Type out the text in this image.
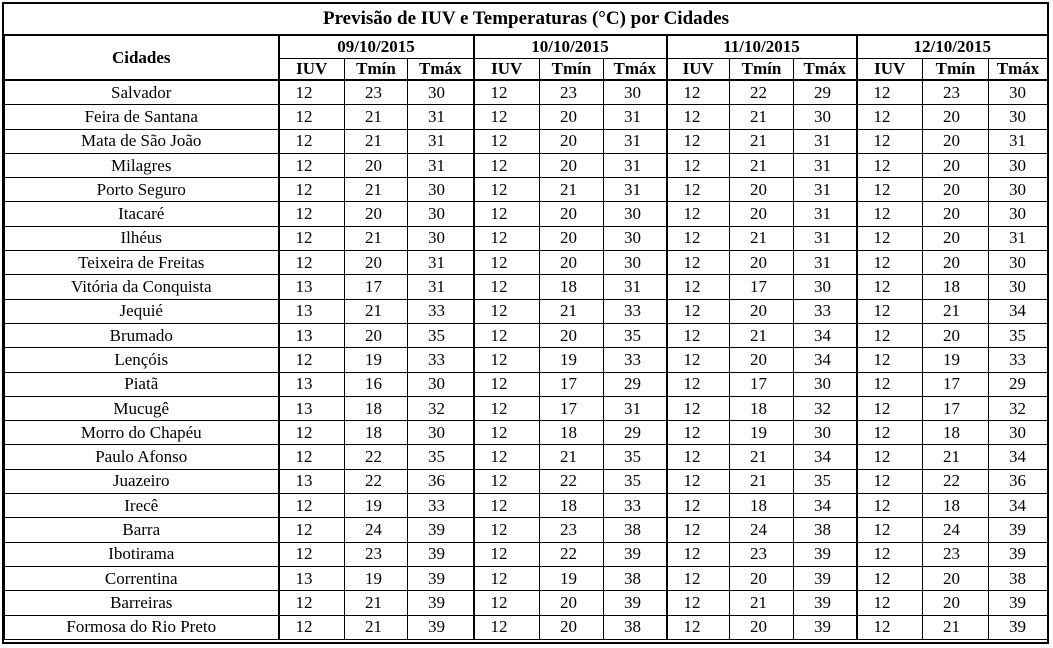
Previsão de IUV e Temperaturas (°C) por Cidades												
Cidades	09/10/2015			10/10/2015			11/10/2015			12/10/2015		
	IUV	Tmín	Tmáx	IUV	Tmín	Tmáx	IUV	Tmín	Tmáx	IUV	Tmín	Tmáx
Salvador	12	23	30	12	23	30	12	22	29	12	23	30
Feira de Santana	12	21	31	12	20	31	12	21	30	12	20	30
Mata de São João	12	21	31	12	20	31	12	21	31	12	20	31
Milagres	12	20	31	12	20	31	12	21	31	12	20	30
Porto Seguro	12	21	30	12	21	31	12	20	31	12	20	30
Itacaré	12	20	30	12	20	30	12	20	31	12	20	30
Ilhéus	12	21	30	12	20	30	12	21	31	12	20	31
Teixeira de Freitas	12	20	31	12	20	30	12	20	31	12	20	30
Vitória da Conquista	13	17	31	12	18	31	12	17	30	12	18	30
Jequié	13	21	33	12	21	33	12	20	33	12	21	34
Brumado	13	20	35	12	20	35	12	21	34	12	20	35
Lençóis	12	19	33	12	19	33	12	20	34	12	19	33
Piatã	13	16	30	12	17	29	12	17	30	12	17	29
Mucugê	13	18	32	12	17	31	12	18	32	12	17	32
Morro do Chapéu	12	18	30	12	18	29	12	19	30	12	18	30
Paulo Afonso	12	22	35	12	21	35	12	21	34	12	21	34
Juazeiro	13	22	36	12	22	35	12	21	35	12	22	36
Irecê	12	19	33	12	18	33	12	18	34	12	18	34
Barra	12	24	39	12	23	38	12	24	38	12	24	39
Ibotirama	12	23	39	12	22	39	12	23	39	12	23	39
Correntina	13	19	39	12	19	38	12	20	39	12	20	38
Barreiras	12	21	39	12	20	39	12	21	39	12	20	39
Formosa do Rio Preto	12	21	39	12	20	38	12	20	39	12	21	39
